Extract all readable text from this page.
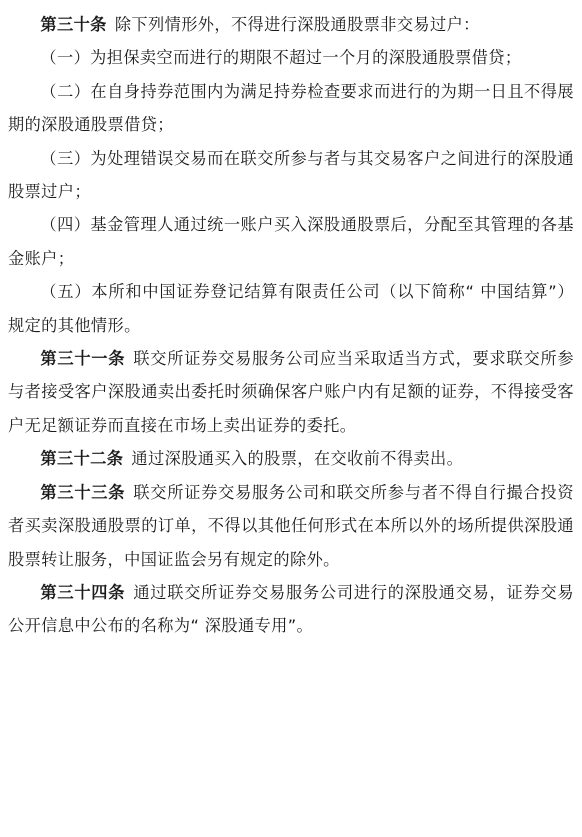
第三十条 除下列情形外，不得进行深股通股票非交易过户：

（一）为担保卖空而进行的期限不超过一个月的深股通股票借贷；

（二）在自身持券范围内为满足持券检查要求而进行的为期一日且不得展期的深股通股票借贷；

（三）为处理错误交易而在联交所参与者与其交易客户之间进行的深股通股票过户；

（四）基金管理人通过统一账户买入深股通股票后，分配至其管理的各基金账户；

（五）本所和中国证券登记结算有限责任公司（以下简称“ 中国结算”）规定的其他情形。

第三十一条 联交所证券交易服务公司应当采取适当方式，要求联交所参与者接受客户深股通卖出委托时须确保客户账户内有足额的证券，不得接受客户无足额证券而直接在市场上卖出证券的委托。

第三十二条 通过深股通买入的股票，在交收前不得卖出。

第三十三条 联交所证券交易服务公司和联交所参与者不得自行撮合投资者买卖深股通股票的订单，不得以其他任何形式在本所以外的场所提供深股通股票转让服务，中国证监会另有规定的除外。

第三十四条 通过联交所证券交易服务公司进行的深股通交易，证券交易公开信息中公布的名称为“ 深股通专用”。
